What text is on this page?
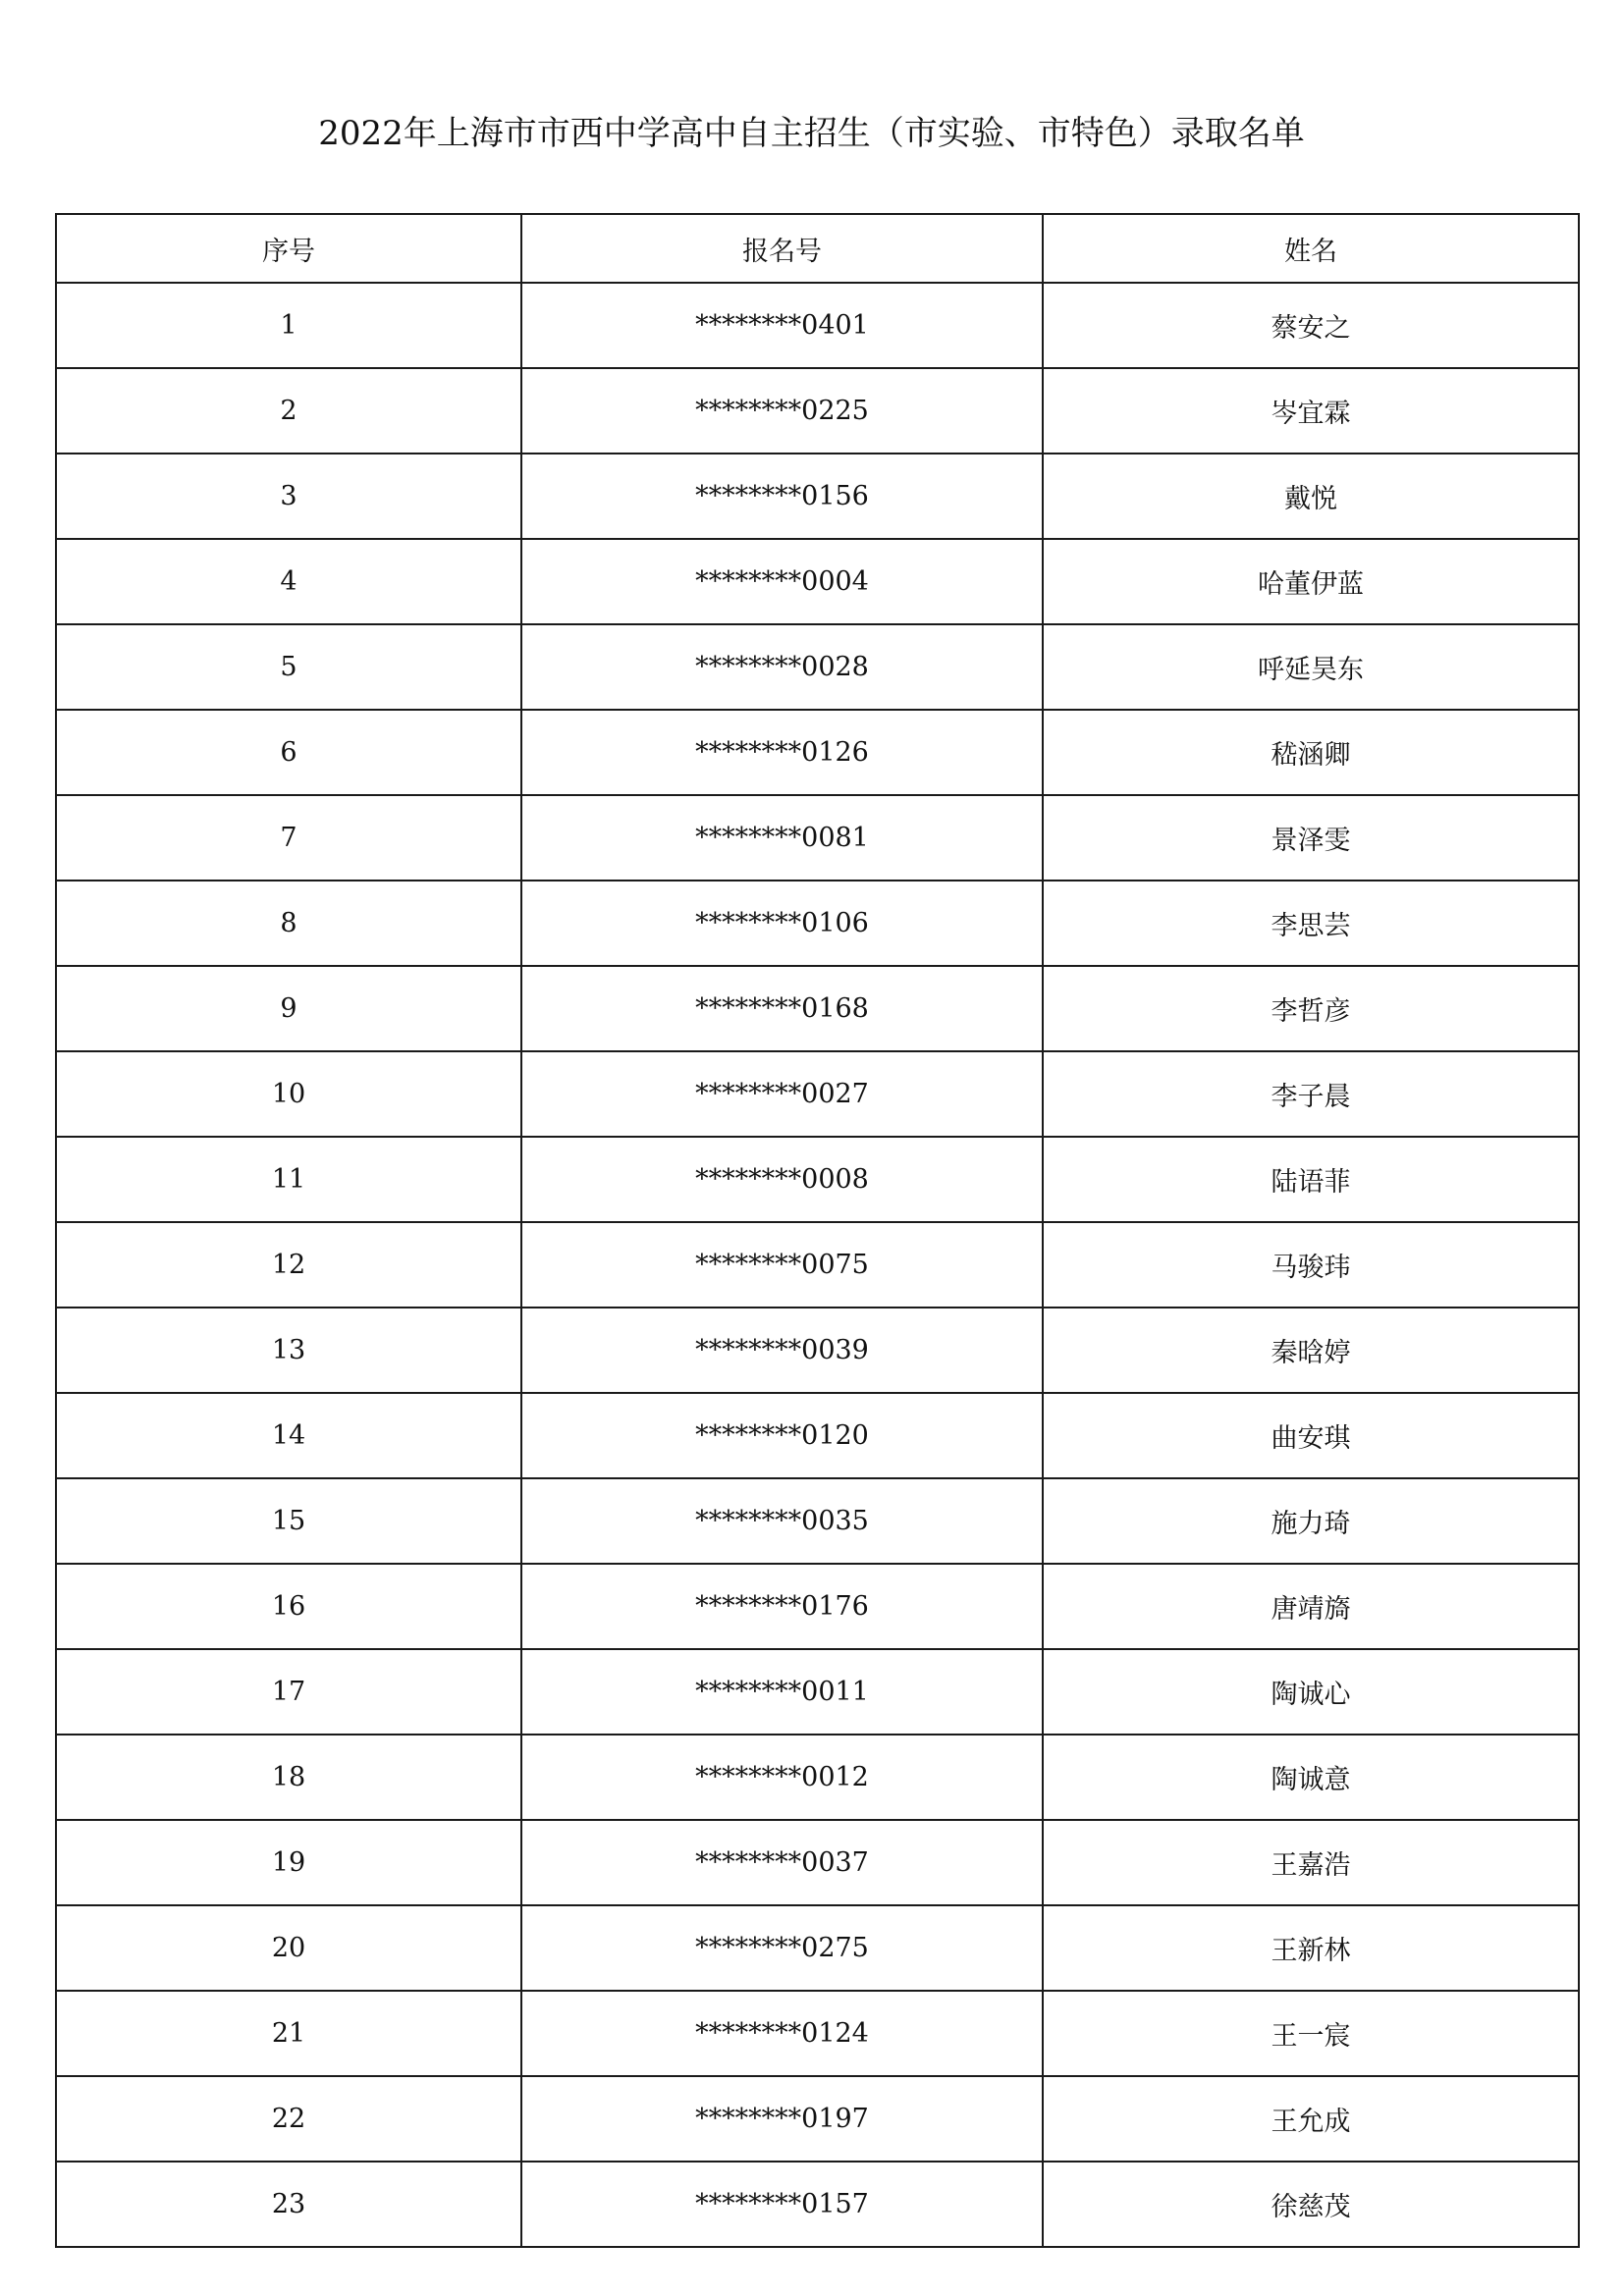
2022年上海市市西中学高中自主招生（市实验、市特色）录取名单
序号	报名号	姓名
1	********0401	蔡安之
2	********0225	岑宜霖
3	********0156	戴悦
4	********0004	哈董伊蓝
5	********0028	呼延昊东
6	********0126	嵇涵卿
7	********0081	景泽雯
8	********0106	李思芸
9	********0168	李哲彦
10	********0027	李子晨
11	********0008	陆语菲
12	********0075	马骏玮
13	********0039	秦晗婷
14	********0120	曲安琪
15	********0035	施力琦
16	********0176	唐靖旖
17	********0011	陶诚心
18	********0012	陶诚意
19	********0037	王嘉浩
20	********0275	王新林
21	********0124	王一宸
22	********0197	王允成
23	********0157	徐慈茂
